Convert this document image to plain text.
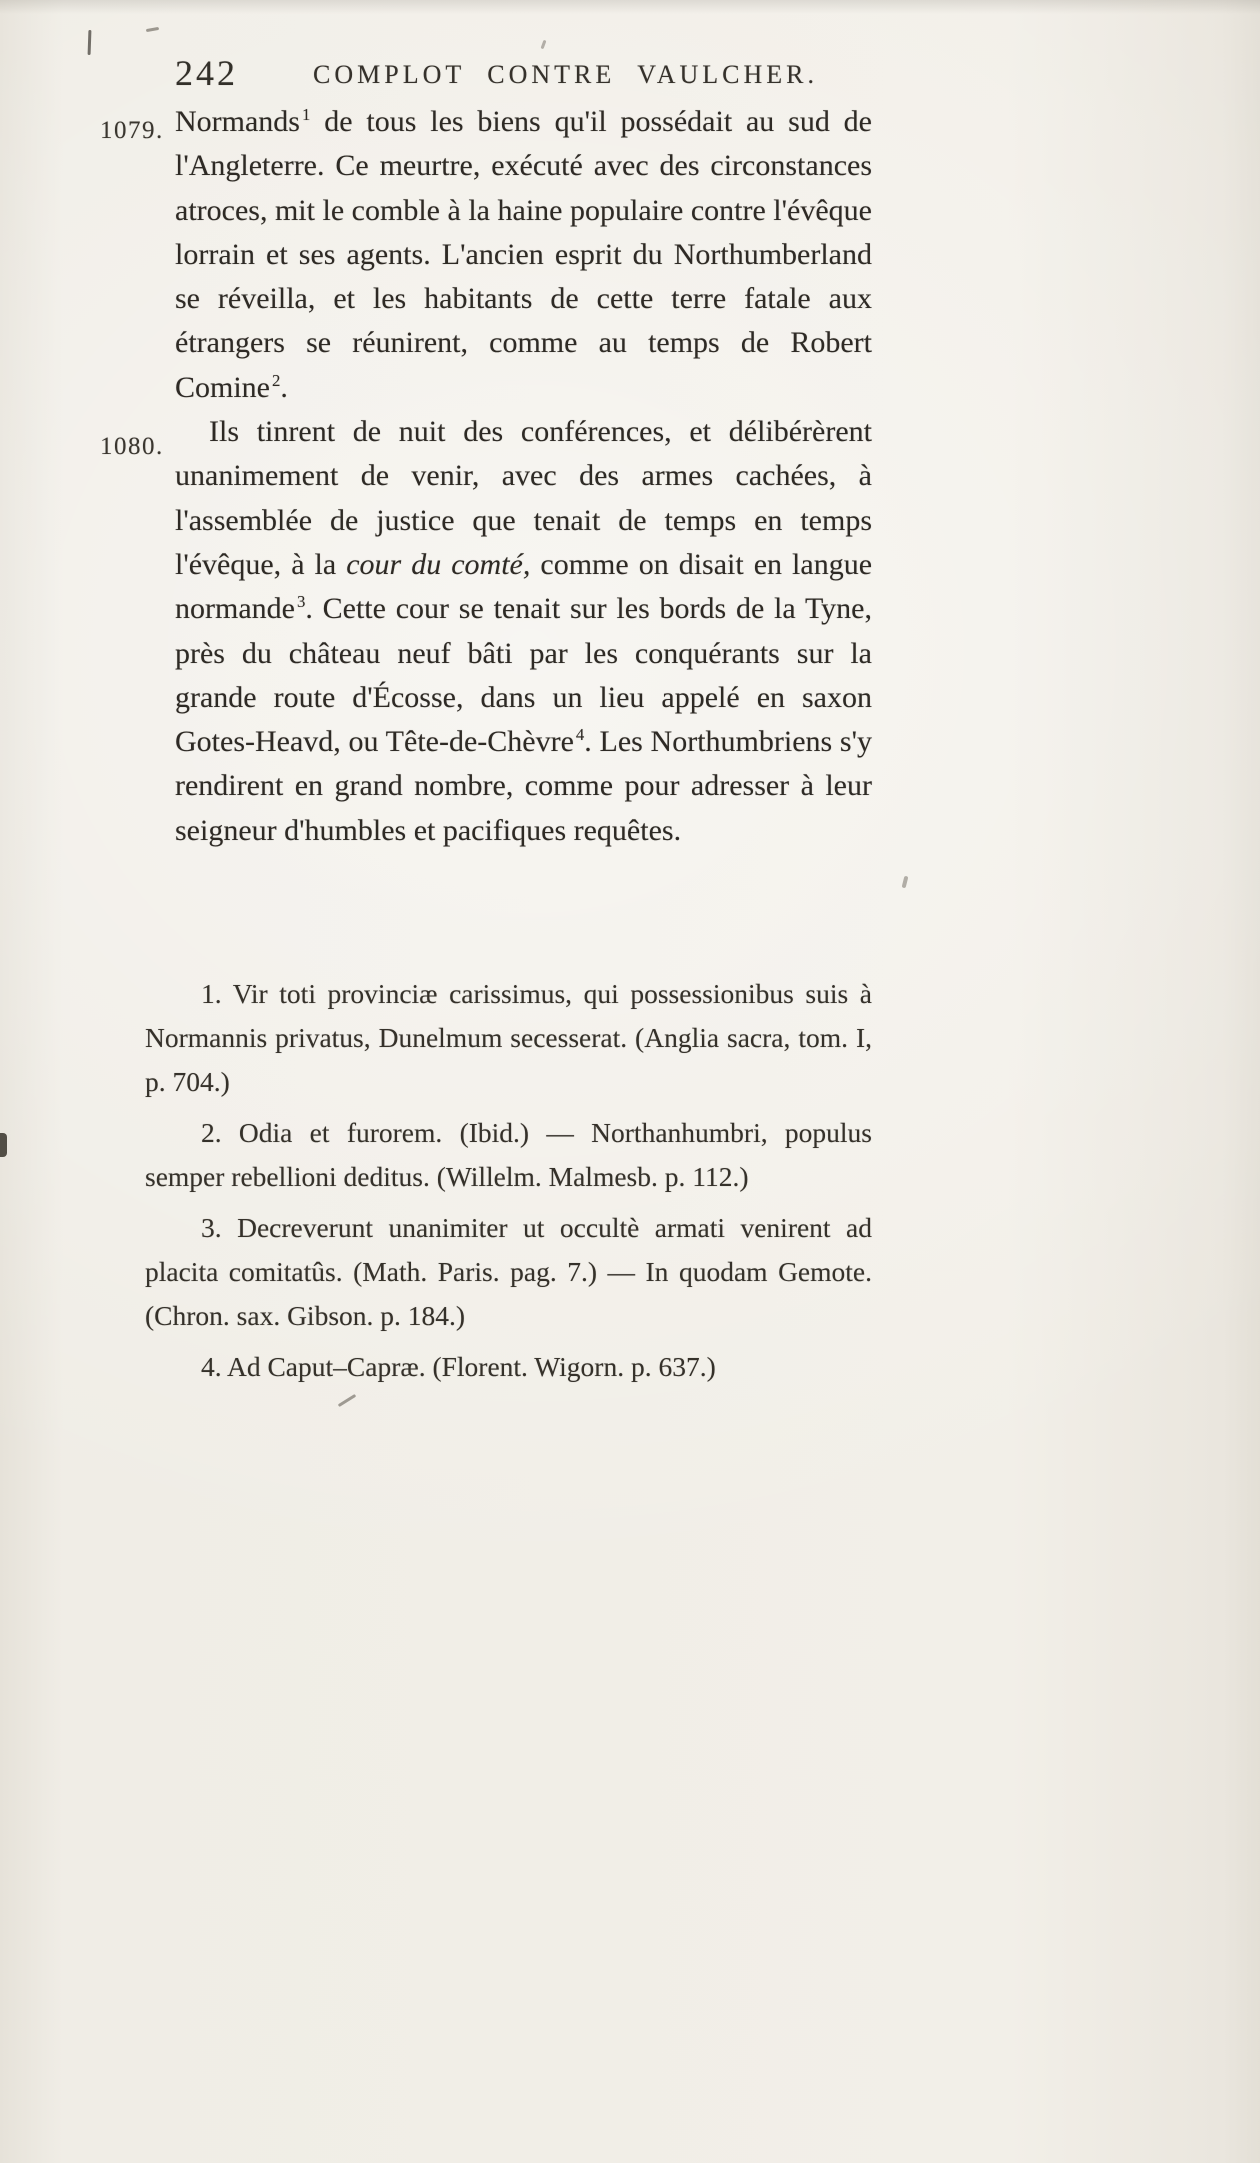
242	COMPLOT CONTRE VAULCHER.
1079.
1080.

Normands $^1$ de tous les biens qu'il possédait au sud de l'Angleterre. Ce meurtre, exécuté avec des circonstances atroces, mit le comble à la haine populaire contre l'évêque lorrain et ses agents. L'ancien esprit du Northumberland se réveilla, et les habitants de cette terre fatale aux étrangers se réunirent, comme au temps de Robert Comine $^2$.

Ils tinrent de nuit des conférences, et délibérèrent unanimement de venir, avec des armes cachées, à l'assemblée de justice que tenait de temps en temps l'évêque, à la cour du comté, comme on disait en langue normande $^3$. Cette cour se tenait sur les bords de la Tyne, près du château neuf bâti par les conquérants sur la grande route d'Écosse, dans un lieu appelé en saxon Gotes-Heavd, ou Tête-de-Chèvre $^4$. Les Northumbriens s'y rendirent en grand nombre, comme pour adresser à leur seigneur d'humbles et pacifiques requêtes.

1. Vir toti provinciæ carissimus, qui possessionibus suis à Normannis privatus, Dunelmum secesserat. (Anglia sacra, tom. I, p. 704.)

2. Odia et furorem. (Ibid.) — Northanhumbri, populus semper rebellioni deditus. (Willelm. Malmesb. p. 112.)

3. Decreverunt unanimiter ut occultè armati venirent ad placita comitatûs. (Math. Paris. pag. 7.) — In quodam Gemote. (Chron. sax. Gibson. p. 184.)

4. Ad Caput–Capræ. (Florent. Wigorn. p. 637.)
